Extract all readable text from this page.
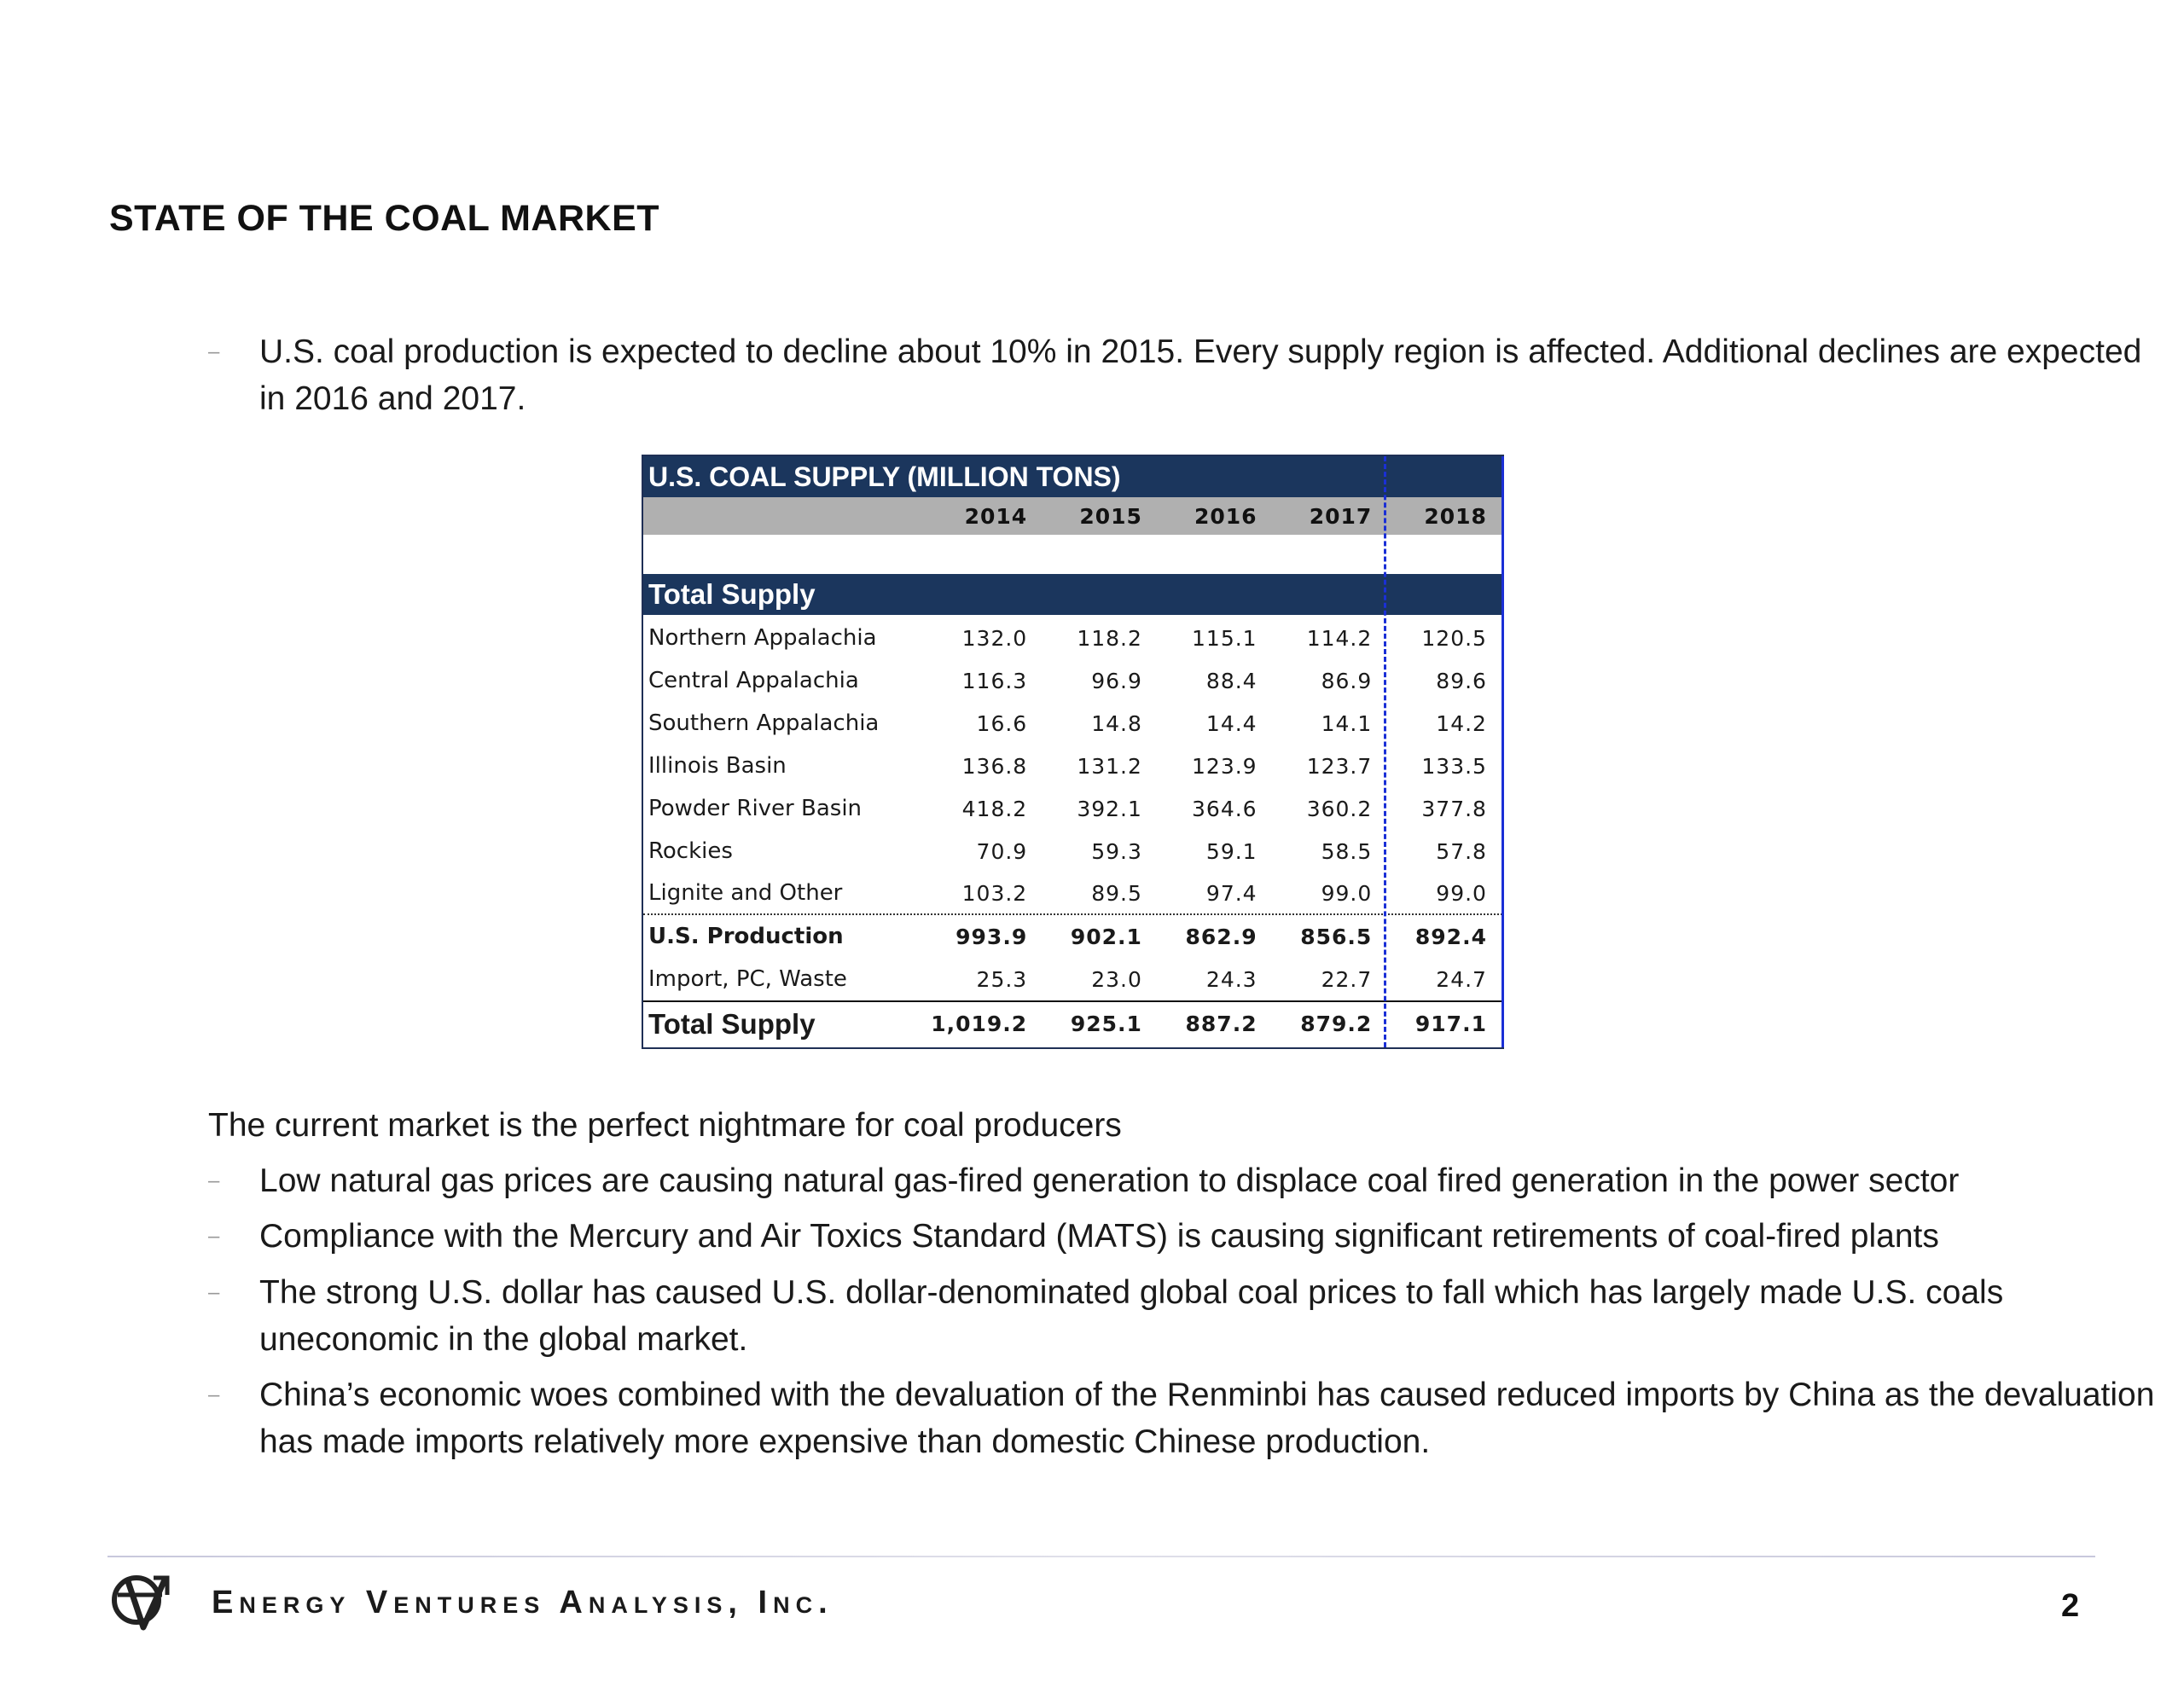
STATE OF THE COAL MARKET
–	U.S. coal production is expected to decline about 10% in 2015. Every supply region is affected. Additional declines are expected in 2016 and 2017.
U.S. COAL SUPPLY (MILLION TONS)
2014	2015	2016	2017	2018
Total Supply
Northern Appalachia	132.0	118.2	115.1	114.2	120.5
Central Appalachia	116.3	96.9	88.4	86.9	89.6
Southern Appalachia	16.6	14.8	14.4	14.1	14.2
Illinois Basin	136.8	131.2	123.9	123.7	133.5
Powder River Basin	418.2	392.1	364.6	360.2	377.8
Rockies	70.9	59.3	59.1	58.5	57.8
Lignite and Other	103.2	89.5	97.4	99.0	99.0
U.S. Production	993.9	902.1	862.9	856.5	892.4
Import, PC, Waste	25.3	23.0	24.3	22.7	24.7
Total Supply	1,019.2	925.1	887.2	879.2	917.1
The current market is the perfect nightmare for coal producers
–	Low natural gas prices are causing natural gas-fired generation to displace coal fired generation in the power sector
–	Compliance with the Mercury and Air Toxics Standard (MATS) is causing significant retirements of coal-fired plants
–	The strong U.S. dollar has caused U.S. dollar-denominated global coal prices to fall which has largely made U.S. coals uneconomic in the global market.
–	China’s economic woes combined with the devaluation of the Renminbi has caused reduced imports by China as the devaluation has made imports relatively more expensive than domestic Chinese production.
Energy Ventures Analysis, Inc.	2
